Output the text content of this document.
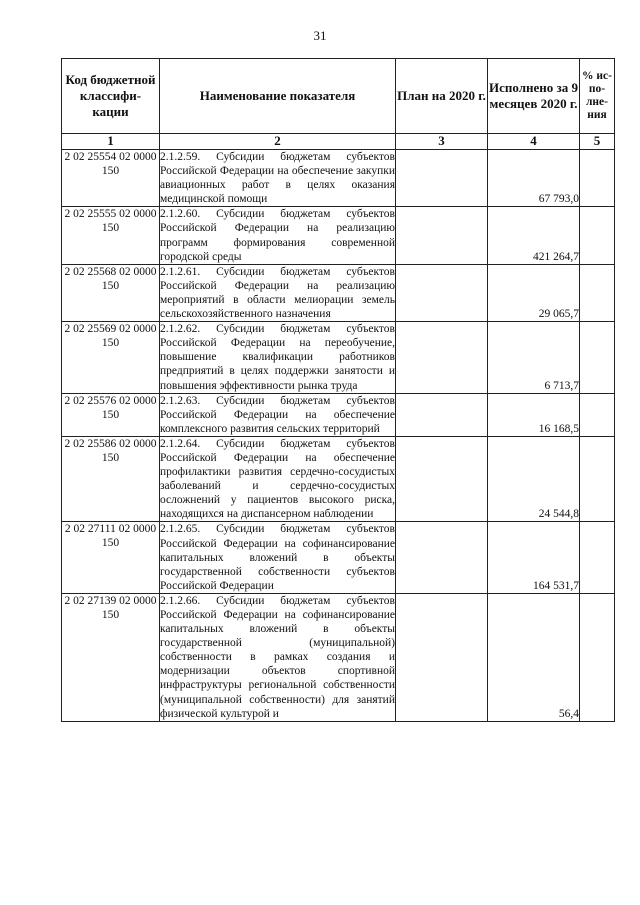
31
Код бюджетной классифи-кации	Наименование показателя	План на 2020 г.	Исполнено за 9 месяцев 2020 г.	% ис-по-лне-ния
1	2	3	4	5
2 02 25554 02 0000 150	2.1.2.59. Субсидии бюджетам субъектов Российской Федерации на обеспечение закупки авиационных работ в целях оказания медицинской помощи		67 793,0	
2 02 25555 02 0000 150	2.1.2.60. Субсидии бюджетам субъектов Российской Федерации на реализацию программ формирования современной городской среды		421 264,7	
2 02 25568 02 0000 150	2.1.2.61. Субсидии бюджетам субъектов Российской Федерации на реализацию мероприятий в области мелиорации земель сельскохозяйственного назначения		29 065,7	
2 02 25569 02 0000 150	2.1.2.62. Субсидии бюджетам субъектов Российской Федерации на переобучение, повышение квалификации работников предприятий в целях поддержки занятости и повышения эффективности рынка труда		6 713,7	
2 02 25576 02 0000 150	2.1.2.63. Субсидии бюджетам субъектов Российской Федерации на обеспечение комплексного развития сельских территорий		16 168,5	
2 02 25586 02 0000 150	2.1.2.64. Субсидии бюджетам субъектов Российской Федерации на обеспечение профилактики развития сердечно-сосудистых заболеваний и сердечно-сосудистых осложнений у пациентов высокого риска, находящихся на диспансерном наблюдении		24 544,8	
2 02 27111 02 0000 150	2.1.2.65. Субсидии бюджетам субъектов Российской Федерации на софинансирование капитальных вложений в объекты государственной собственности субъектов Российской Федерации		164 531,7	
2 02 27139 02 0000 150	2.1.2.66. Субсидии бюджетам субъектов Российской Федерации на софинансирование капитальных вложений в объекты государственной (муниципальной) собственности в рамках создания и модернизации объектов спортивной инфраструктуры региональной собственности (муниципальной собственности) для занятий физической культурой и		56,4	
